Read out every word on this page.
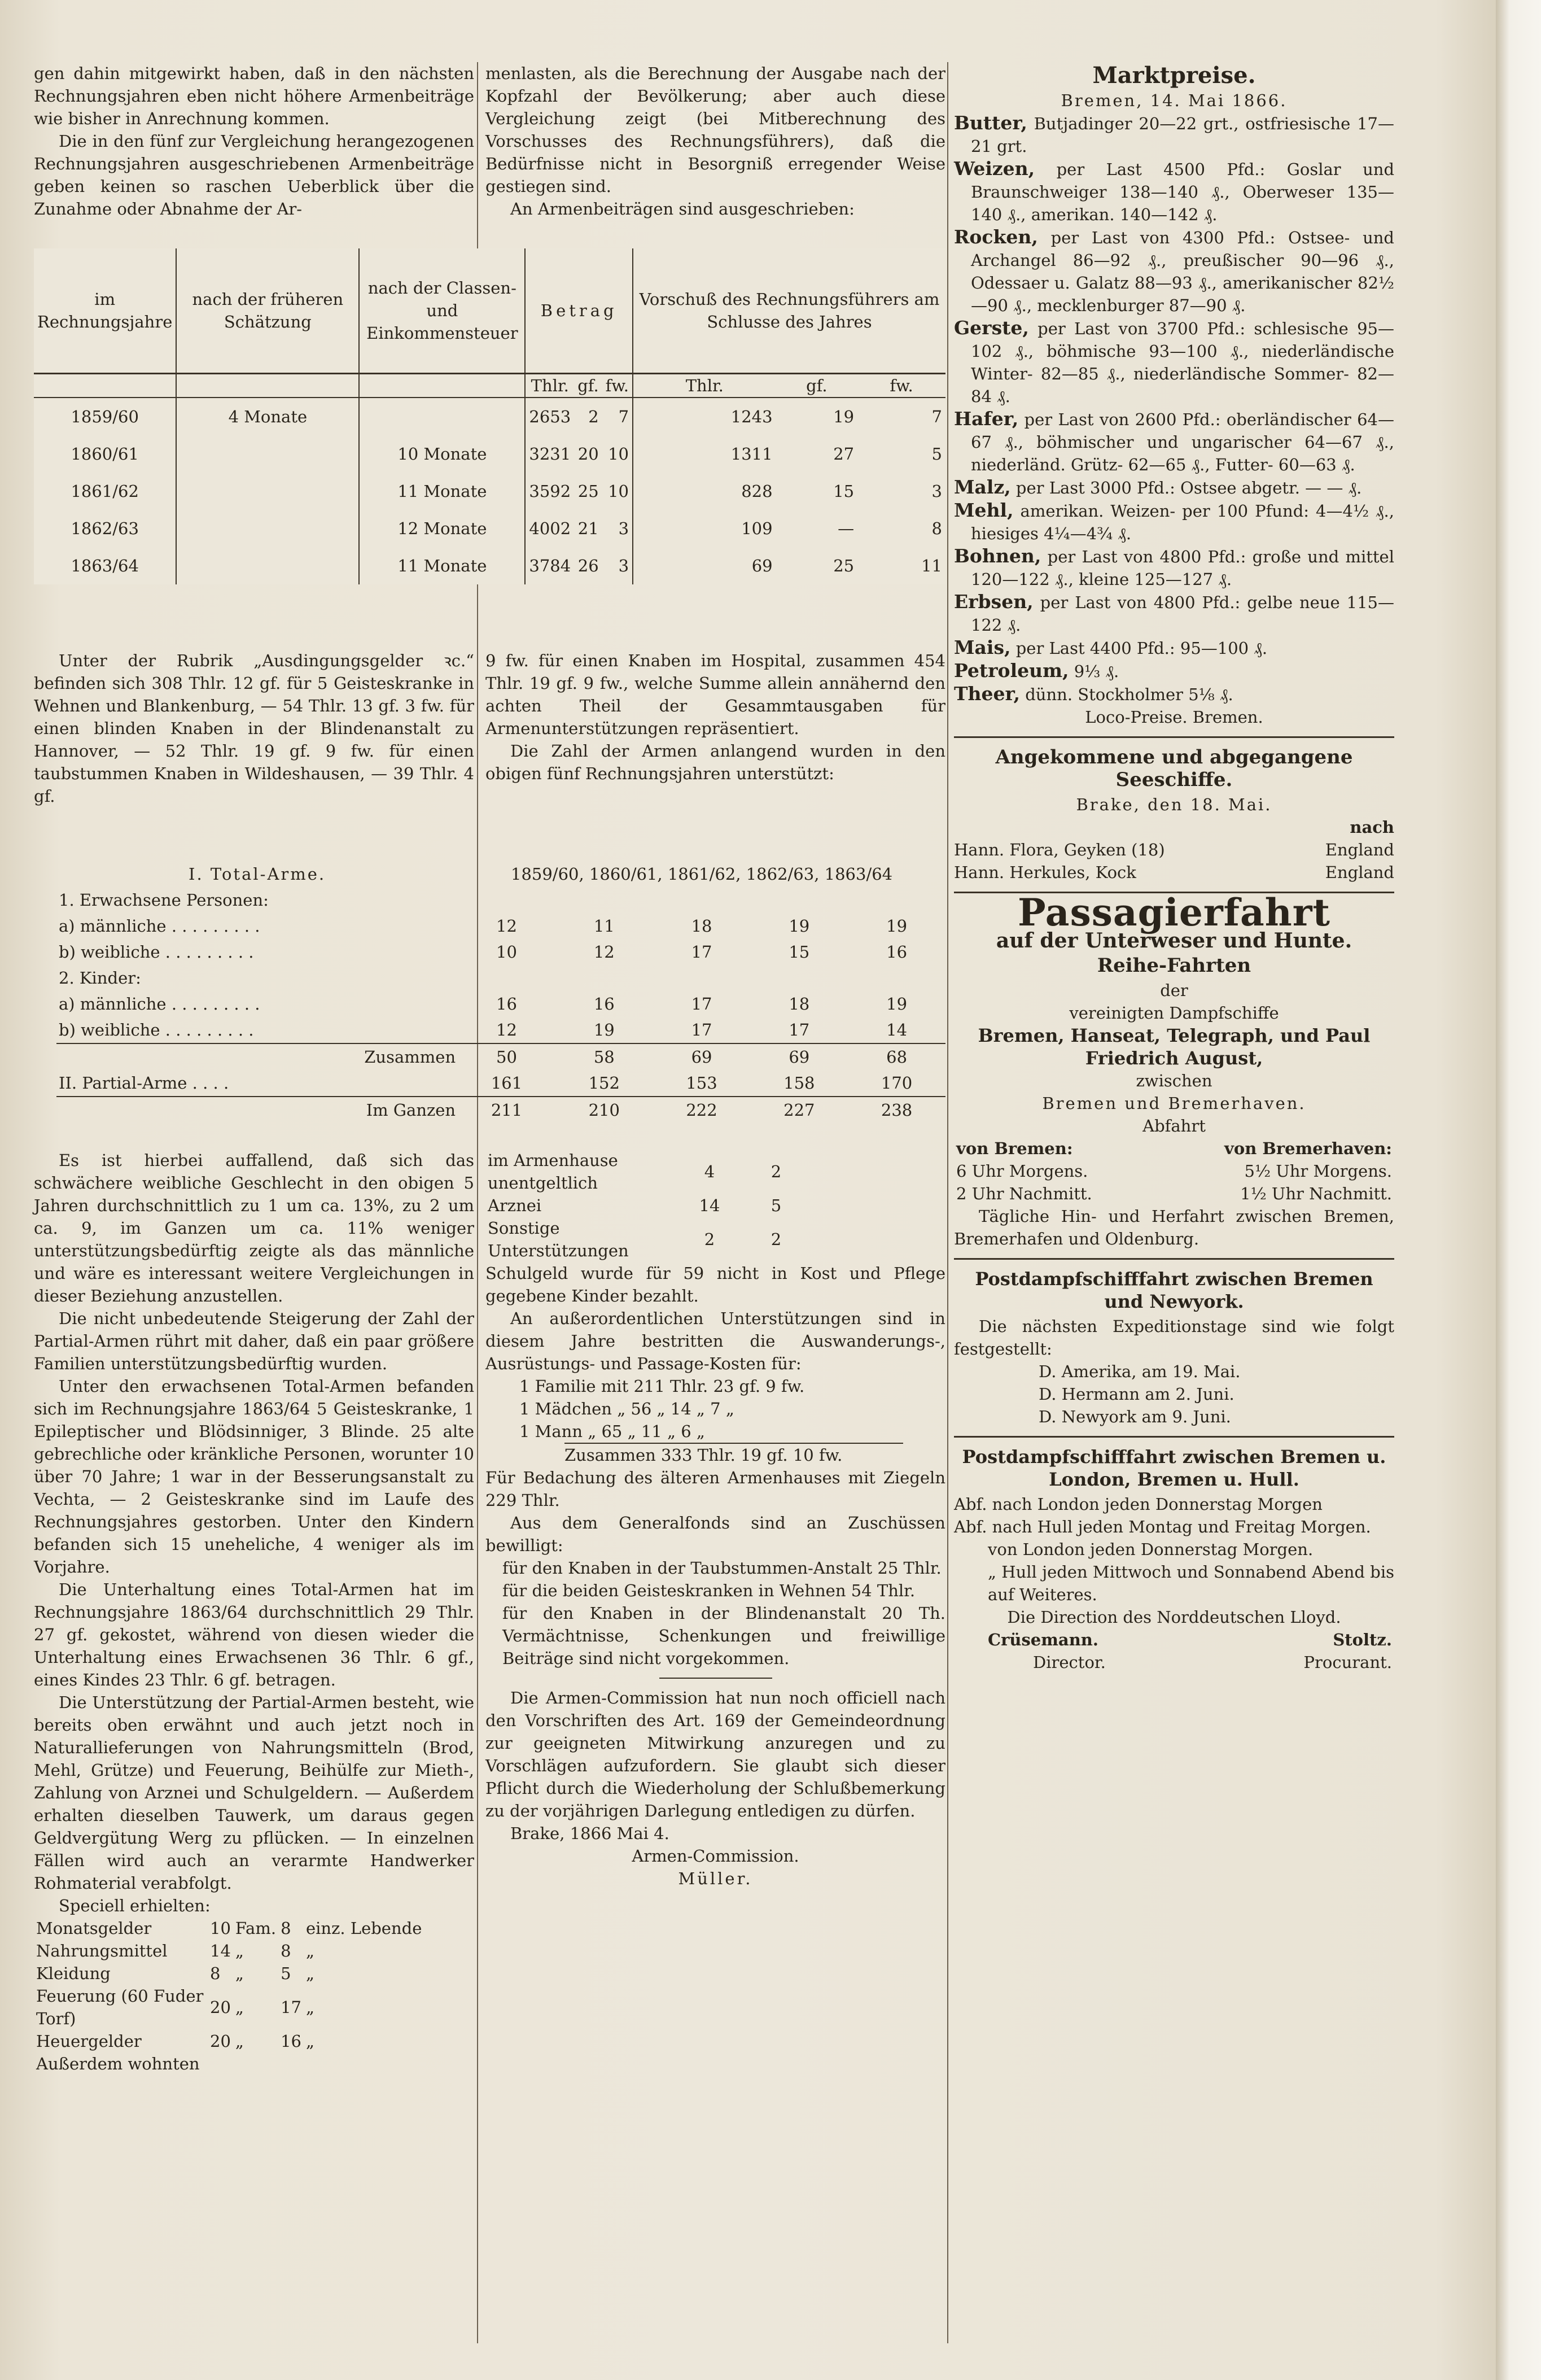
gen dahin mitgewirkt haben, daß in den nächsten Rechnungsjahren eben nicht höhere Armenbeiträge wie bisher in Anrechnung kommen.

Die in den fünf zur Vergleichung herangezogenen Rechnungsjahren ausgeschriebenen Armenbeiträge geben keinen so raschen Ueberblick über die Zunahme oder Abnahme der Ar-

menlasten, als die Berechnung der Ausgabe nach der Kopfzahl der Bevölkerung; aber auch diese Vergleichung zeigt (bei Mitberechnung des Vorschusses des Rechnungsführers), daß die Bedürfnisse nicht in Besorgniß erregender Weise gestiegen sind.

An Armenbeiträgen sind ausgeschrieben:

im Rechnungsjahre	nach der früheren Schätzung	nach der Classen- und Einkommensteuer	Betrag			Vorschuß des Rechnungsführers am Schlusse des Jahres		
			Thlr.	gf.	fw.	Thlr.	gf.	fw.
1859/60	4 Monate		2653	2	7	1243	19	7
1860/61		10 Monate	3231	20	10	1311	27	5
1861/62		11 Monate	3592	25	10	828	15	3
1862/63		12 Monate	4002	21	3	109	—	8
1863/64		11 Monate	3784	26	3	69	25	11

Unter der Rubrik „Ausdingungsgelder ꝛc.“ befinden sich 308 Thlr. 12 gf. für 5 Geisteskranke in Wehnen und Blankenburg, — 54 Thlr. 13 gf. 3 fw. für einen blinden Knaben in der Blindenanstalt zu Hannover, — 52 Thlr. 19 gf. 9 fw. für einen taubstummen Knaben in Wildeshausen, — 39 Thlr. 4 gf.

9 fw. für einen Knaben im Hospital, zusammen 454 Thlr. 19 gf. 9 fw., welche Summe allein annähernd den achten Theil der Gesammtausgaben für Armenunterstützungen repräsentiert.

Die Zahl der Armen anlangend wurden in den obigen fünf Rechnungsjahren unterstützt:

I. Total-Arme.	1859/60, 1860/61, 1861/62, 1862/63, 1863/64				
1. Erwachsene Personen:					
a) männliche . . . . . . . . .	12	11	18	19	19
b) weibliche . . . . . . . . .	10	12	17	15	16
2. Kinder:					
a) männliche . . . . . . . . .	16	16	17	18	19
b) weibliche . . . . . . . . .	12	19	17	17	14
Zusammen	50	58	69	69	68
II. Partial-Arme . . . .	161	152	153	158	170
Im Ganzen	211	210	222	227	238

Es ist hierbei auffallend, daß sich das schwächere weibliche Geschlecht in den obigen 5 Jahren durchschnittlich zu 1 um ca. 13%, zu 2 um ca. 9, im Ganzen um ca. 11% weniger unterstützungsbedürftig zeigte als das männliche und wäre es interessant weitere Vergleichungen in dieser Beziehung anzustellen.

Die nicht unbedeutende Steigerung der Zahl der Partial-Armen rührt mit daher, daß ein paar größere Familien unterstützungsbedürftig wurden.

Unter den erwachsenen Total-Armen befanden sich im Rechnungsjahre 1863/64 5 Geisteskranke, 1 Epileptischer und Blödsinniger, 3 Blinde. 25 alte gebrechliche oder kränkliche Personen, worunter 10 über 70 Jahre; 1 war in der Besserungsanstalt zu Vechta, — 2 Geisteskranke sind im Laufe des Rechnungsjahres gestorben. Unter den Kindern befanden sich 15 uneheliche, 4 weniger als im Vorjahre.

Die Unterhaltung eines Total-Armen hat im Rechnungsjahre 1863/64 durchschnittlich 29 Thlr. 27 gf. gekostet, während von diesen wieder die Unterhaltung eines Erwachsenen 36 Thlr. 6 gf., eines Kindes 23 Thlr. 6 gf. betragen.

Die Unterstützung der Partial-Armen besteht, wie bereits oben erwähnt und auch jetzt noch in Naturallieferungen von Nahrungsmitteln (Brod, Mehl, Grütze) und Feuerung, Beihülfe zur Mieth-, Zahlung von Arznei und Schulgeldern. — Außerdem erhalten dieselben Tauwerk, um daraus gegen Geldvergütung Werg zu pflücken. — In einzelnen Fällen wird auch an verarmte Handwerker Rohmaterial verabfolgt.

Speciell erhielten:

Monatsgelder	10	Fam.	8	einz. Lebende
Nahrungsmittel	14	„	8	„
Kleidung	8	„	5	„
Feuerung (60 Fuder Torf)	20	„	17	„
Heuergelder	20	„	16	„
Außerdem wohnten				
im Armenhause unentgeltlich	4	2
Arznei	14	5
Sonstige Unterstützungen	2	2

Schulgeld wurde für 59 nicht in Kost und Pflege gegebene Kinder bezahlt.

An außerordentlichen Unterstützungen sind in diesem Jahre bestritten die Auswanderungs-, Ausrüstungs- und Passage-Kosten für:

1 Familie mit 211 Thlr. 23 gf. 9 fw.
1 Mädchen „ 56 „ 14 „ 7 „
1 Mann „ 65 „ 11 „ 6 „
Zusammen 333 Thlr. 19 gf. 10 fw.

Für Bedachung des älteren Armenhauses mit Ziegeln 229 Thlr.

Aus dem Generalfonds sind an Zuschüssen bewilligt:

für den Knaben in der Taubstummen-Anstalt 25 Thlr.

für die beiden Geisteskranken in Wehnen 54 Thlr.

für den Knaben in der Blindenanstalt 20 Th. Vermächtnisse, Schenkungen und freiwillige Beiträge sind nicht vorgekommen.

Die Armen-Commission hat nun noch officiell nach den Vorschriften des Art. 169 der Gemeindeordnung zur geeigneten Mitwirkung anzuregen und zu Vorschlägen aufzufordern. Sie glaubt sich dieser Pflicht durch die Wiederholung der Schlußbemerkung zu der vorjährigen Darlegung entledigen zu dürfen.

Brake, 1866 Mai 4.

Armen-Commission.

Müller.

Marktpreise.
Bremen, 14. Mai 1866.

Butter, Butjadinger 20—22 grt., ostfriesische 17—21 grt.

Weizen, per Last 4500 Pfd.: Goslar und Braunschweiger 138—140 ₰., Oberweser 135—140 ₰., amerikan. 140—142 ₰.

Rocken, per Last von 4300 Pfd.: Ostsee- und Archangel 86—92 ₰., preußischer 90—96 ₰., Odessaer u. Galatz 88—93 ₰., amerikanischer 82½—90 ₰., mecklenburger 87—90 ₰.

Gerste, per Last von 3700 Pfd.: schlesische 95—102 ₰., böhmische 93—100 ₰., niederländische Winter- 82—85 ₰., niederländische Sommer- 82—84 ₰.

Hafer, per Last von 2600 Pfd.: oberländischer 64—67 ₰., böhmischer und ungarischer 64—67 ₰., niederländ. Grütz- 62—65 ₰., Futter- 60—63 ₰.

Malz, per Last 3000 Pfd.: Ostsee abgetr. — — ₰.

Mehl, amerikan. Weizen- per 100 Pfund: 4—4½ ₰., hiesiges 4¼—4¾ ₰.

Bohnen, per Last von 4800 Pfd.: große und mittel 120—122 ₰., kleine 125—127 ₰.

Erbsen, per Last von 4800 Pfd.: gelbe neue 115—122 ₰.

Mais, per Last 4400 Pfd.: 95—100 ₰.

Petroleum, 9⅓ ₰.

Theer, dünn. Stockholmer 5⅛ ₰.

Loco-Preise. Bremen.
Angekommene und abgegangene Seeschiffe.
Brake, den 18. Mai.
nach
Hann. Flora, Geyken (18)	England
Hann. Herkules, Kock	England
Passagierfahrt
auf der Unterweser und Hunte.
Reihe-Fahrten
der
vereinigten Dampfschiffe
Bremen, Hanseat, Telegraph, und Paul Friedrich August,
zwischen
Bremen und Bremerhaven.
Abfahrt
von Bremen:	von Bremerhaven:
6 Uhr Morgens.	5½ Uhr Morgens.
2 Uhr Nachmitt.	1½ Uhr Nachmitt.

Tägliche Hin- und Herfahrt zwischen Bremen, Bremerhafen und Oldenburg.

Postdampfschifffahrt zwischen Bremen und Newyork.

Die nächsten Expeditionstage sind wie folgt festgestellt:

D. Amerika, am 19. Mai.
D. Hermann am 2. Juni.
D. Newyork am 9. Juni.
Postdampfschifffahrt zwischen Bremen u. London, Bremen u. Hull.

Abf. nach London jeden Donnerstag Morgen

Abf. nach Hull jeden Montag und Freitag Morgen.

von London jeden Donnerstag Morgen.

„ Hull jeden Mittwoch und Sonnabend Abend bis auf Weiteres.

Die Direction des Norddeutschen Lloyd.

Crüsemann.	Stoltz.
Director.	Procurant.
